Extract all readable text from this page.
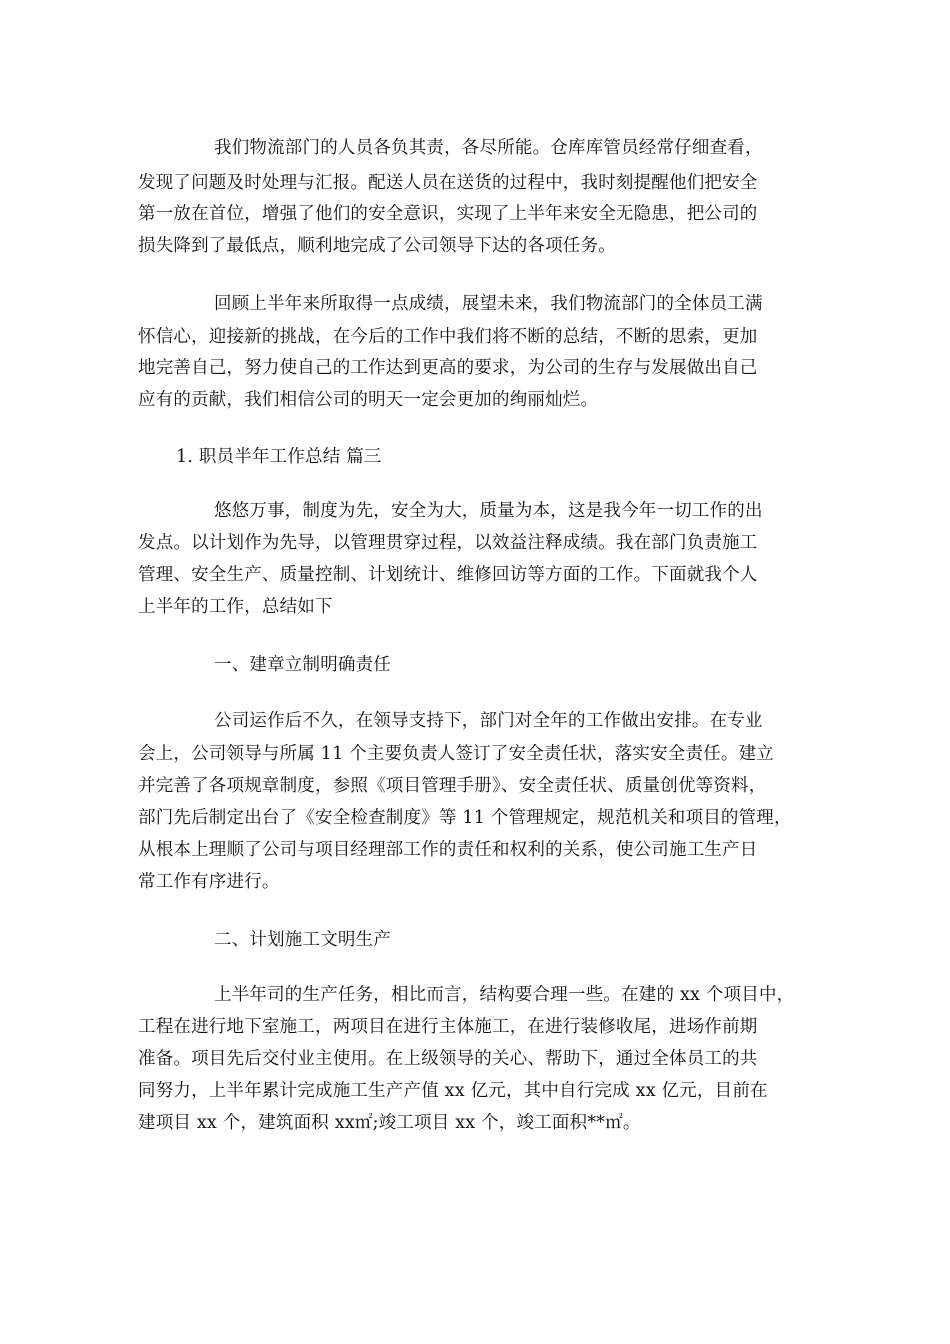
我们物流部门的人员各负其责，各尽所能。仓库库管员经常仔细查看，
发现了问题及时处理与汇报。配送人员在送货的过程中，我时刻提醒他们把安全
第一放在首位，增强了他们的安全意识，实现了上半年来安全无隐患，把公司的
损失降到了最低点，顺利地完成了公司领导下达的各项任务。
回顾上半年来所取得一点成绩，展望未来，我们物流部门的全体员工满
怀信心，迎接新的挑战，在今后的工作中我们将不断的总结，不断的思索，更加
地完善自己，努力使自己的工作达到更高的要求，为公司的生存与发展做出自己
应有的贡献，我们相信公司的明天一定会更加的绚丽灿烂。
1. 职员半年工作总结 篇三
悠悠万事，制度为先，安全为大，质量为本，这是我今年一切工作的出
发点。以计划作为先导，以管理贯穿过程，以效益注释成绩。我在部门负责施工
管理、安全生产、质量控制、计划统计、维修回访等方面的工作。下面就我个人
上半年的工作，总结如下
一、建章立制明确责任
公司运作后不久，在领导支持下，部门对全年的工作做出安排。在专业
会上，公司领导与所属 11 个主要负责人签订了安全责任状，落实安全责任。建立
并完善了各项规章制度，参照《项目管理手册》、安全责任状、质量创优等资料，
部门先后制定出台了《安全检查制度》等 11 个管理规定，规范机关和项目的管理，
从根本上理顺了公司与项目经理部工作的责任和权利的关系，使公司施工生产日
常工作有序进行。
二、计划施工文明生产
上半年司的生产任务，相比而言，结构要合理一些。在建的 xx 个项目中，
工程在进行地下室施工，两项目在进行主体施工，在进行装修收尾，进场作前期
准备。项目先后交付业主使用。在上级领导的关心、帮助下，通过全体员工的共
同努力，上半年累计完成施工生产产值 xx 亿元，其中自行完成 xx 亿元，目前在
建项目 xx 个，建筑面积 xx㎡;竣工项目 xx 个，竣工面积**㎡。
